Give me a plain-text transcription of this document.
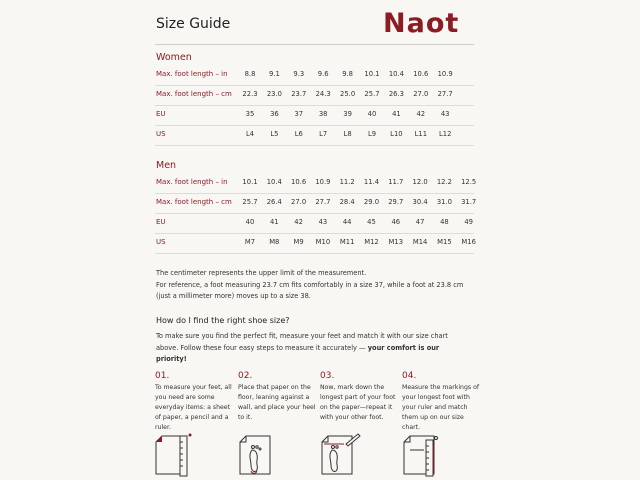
Size Guide	Naot
Women
Max. foot length – in	8.8	9.1	9.3	9.6	9.8	10.1	10.4	10.6	10.9
Max. foot length – cm	22.3	23.0	23.7	24.3	25.0	25.7	26.3	27.0	27.7
EU	35	36	37	38	39	40	41	42	43
US	L4	L5	L6	L7	L8	L9	L10	L11	L12
Men
Max. foot length – in	10.1	10.4	10.6	10.9	11.2	11.4	11.7	12.0	12.2	12.5
Max. foot length – cm	25.7	26.4	27.0	27.7	28.4	29.0	29.7	30.4	31.0	31.7
EU	40	41	42	43	44	45	46	47	48	49
US	M7	M8	M9	M10	M11	M12	M13	M14	M15	M16
The centimeter represents the upper limit of the measurement.
For reference, a foot measuring 23.7 cm fits comfortably in a size 37, while a foot at 23.8 cm
(just a millimeter more) moves up to a size 38.
How do I find the right shoe size?
To make sure you find the perfect fit, measure your feet and match it with our size chart above. Follow these four easy steps to measure it accurately — your comfort is our priority!
01.
To measure your feet, all you need are some everyday items: a sheet of paper, a pencil and a ruler.
02.
Place that paper on the floor, leaning against a wall, and place your heel to it.
03.
Now, mark down the longest part of your foot on the paper—repeat it with your other foot.
04.
Measure the markings of your longest foot with your ruler and match them up on our size chart.
